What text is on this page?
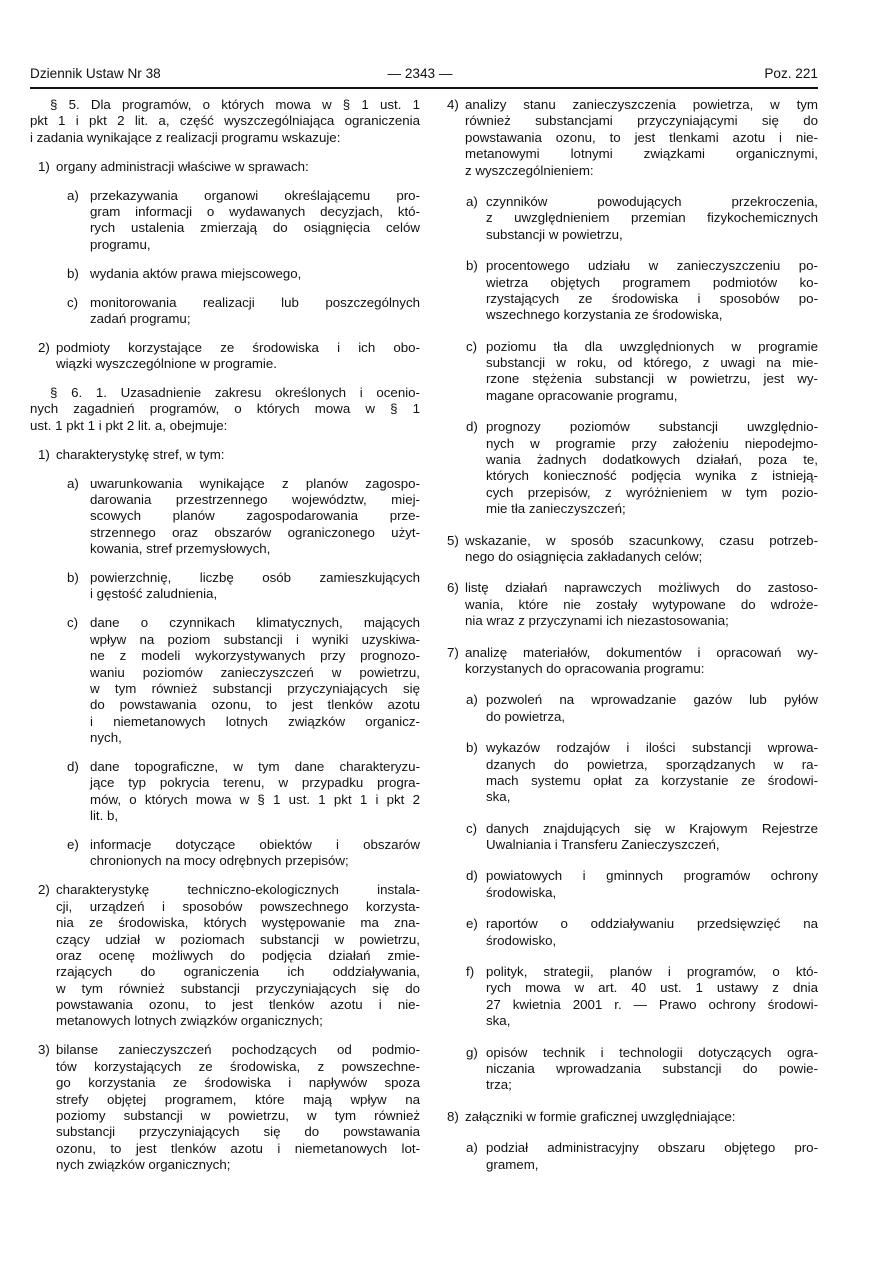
Dziennik Ustaw Nr 38	— 2343 —	Poz. 221
§ 5. Dla programów, o których mowa w § 1 ust. 1
pkt 1 i pkt 2 lit. a, część wyszczególniająca ograniczenia
i zadania wynikające z realizacji programu wskazuje:
1) organy administracji właściwe w sprawach:
a) przekazywania organowi określającemu pro-
gram informacji o wydawanych decyzjach, któ-
rych ustalenia zmierzają do osiągnięcia celów
programu,
b) wydania aktów prawa miejscowego,
c) monitorowania realizacji lub poszczególnych
zadań programu;
2) podmioty korzystające ze środowiska i ich obo-
wiązki wyszczególnione w programie.
§ 6. 1. Uzasadnienie zakresu określonych i ocenio-
nych zagadnień programów, o których mowa w § 1
ust. 1 pkt 1 i pkt 2 lit. a, obejmuje:
1) charakterystykę stref, w tym:
a) uwarunkowania wynikające z planów zagospo-
darowania przestrzennego województw, miej-
scowych planów zagospodarowania prze-
strzennego oraz obszarów ograniczonego użyt-
kowania, stref przemysłowych,
b) powierzchnię, liczbę osób zamieszkujących
i gęstość zaludnienia,
c) dane o czynnikach klimatycznych, mających
wpływ na poziom substancji i wyniki uzyskiwa-
ne z modeli wykorzystywanych przy prognozo-
waniu poziomów zanieczyszczeń w powietrzu,
w tym również substancji przyczyniających się
do powstawania ozonu, to jest tlenków azotu
i niemetanowych lotnych związków organicz-
nych,
d) dane topograficzne, w tym dane charakteryzu-
jące typ pokrycia terenu, w przypadku progra-
mów, o których mowa w § 1 ust. 1 pkt 1 i pkt 2
lit. b,
e) informacje dotyczące obiektów i obszarów
chronionych na mocy odrębnych przepisów;
2) charakterystykę techniczno-ekologicznych instala-
cji, urządzeń i sposobów powszechnego korzysta-
nia ze środowiska, których występowanie ma zna-
czący udział w poziomach substancji w powietrzu,
oraz ocenę możliwych do podjęcia działań zmie-
rzających do ograniczenia ich oddziaływania,
w tym również substancji przyczyniających się do
powstawania ozonu, to jest tlenków azotu i nie-
metanowych lotnych związków organicznych;
3) bilanse zanieczyszczeń pochodzących od podmio-
tów korzystających ze środowiska, z powszechne-
go korzystania ze środowiska i napływów spoza
strefy objętej programem, które mają wpływ na
poziomy substancji w powietrzu, w tym również
substancji przyczyniających się do powstawania
ozonu, to jest tlenków azotu i niemetanowych lot-
nych związków organicznych;
4) analizy stanu zanieczyszczenia powietrza, w tym
również substancjami przyczyniającymi się do
powstawania ozonu, to jest tlenkami azotu i nie-
metanowymi lotnymi związkami organicznymi,
z wyszczególnieniem:
a) czynników powodujących przekroczenia,
z uwzględnieniem przemian fizykochemicznych
substancji w powietrzu,
b) procentowego udziału w zanieczyszczeniu po-
wietrza objętych programem podmiotów ko-
rzystających ze środowiska i sposobów po-
wszechnego korzystania ze środowiska,
c) poziomu tła dla uwzględnionych w programie
substancji w roku, od którego, z uwagi na mie-
rzone stężenia substancji w powietrzu, jest wy-
magane opracowanie programu,
d) prognozy poziomów substancji uwzględnio-
nych w programie przy założeniu niepodejmo-
wania żadnych dodatkowych działań, poza te,
których konieczność podjęcia wynika z istnieją-
cych przepisów, z wyróżnieniem w tym pozio-
mie tła zanieczyszczeń;
5) wskazanie, w sposób szacunkowy, czasu potrzeb-
nego do osiągnięcia zakładanych celów;
6) listę działań naprawczych możliwych do zastoso-
wania, które nie zostały wytypowane do wdroże-
nia wraz z przyczynami ich niezastosowania;
7) analizę materiałów, dokumentów i opracowań wy-
korzystanych do opracowania programu:
a) pozwoleń na wprowadzanie gazów lub pyłów
do powietrza,
b) wykazów rodzajów i ilości substancji wprowa-
dzanych do powietrza, sporządzanych w ra-
mach systemu opłat za korzystanie ze środowi-
ska,
c) danych znajdujących się w Krajowym Rejestrze
Uwalniania i Transferu Zanieczyszczeń,
d) powiatowych i gminnych programów ochrony
środowiska,
e) raportów o oddziaływaniu przedsięwzięć na
środowisko,
f) polityk, strategii, planów i programów, o któ-
rych mowa w art. 40 ust. 1 ustawy z dnia
27 kwietnia 2001 r. — Prawo ochrony środowi-
ska,
g) opisów technik i technologii dotyczących ogra-
niczania wprowadzania substancji do powie-
trza;
8) załączniki w formie graficznej uwzględniające:
a) podział administracyjny obszaru objętego pro-
gramem,
